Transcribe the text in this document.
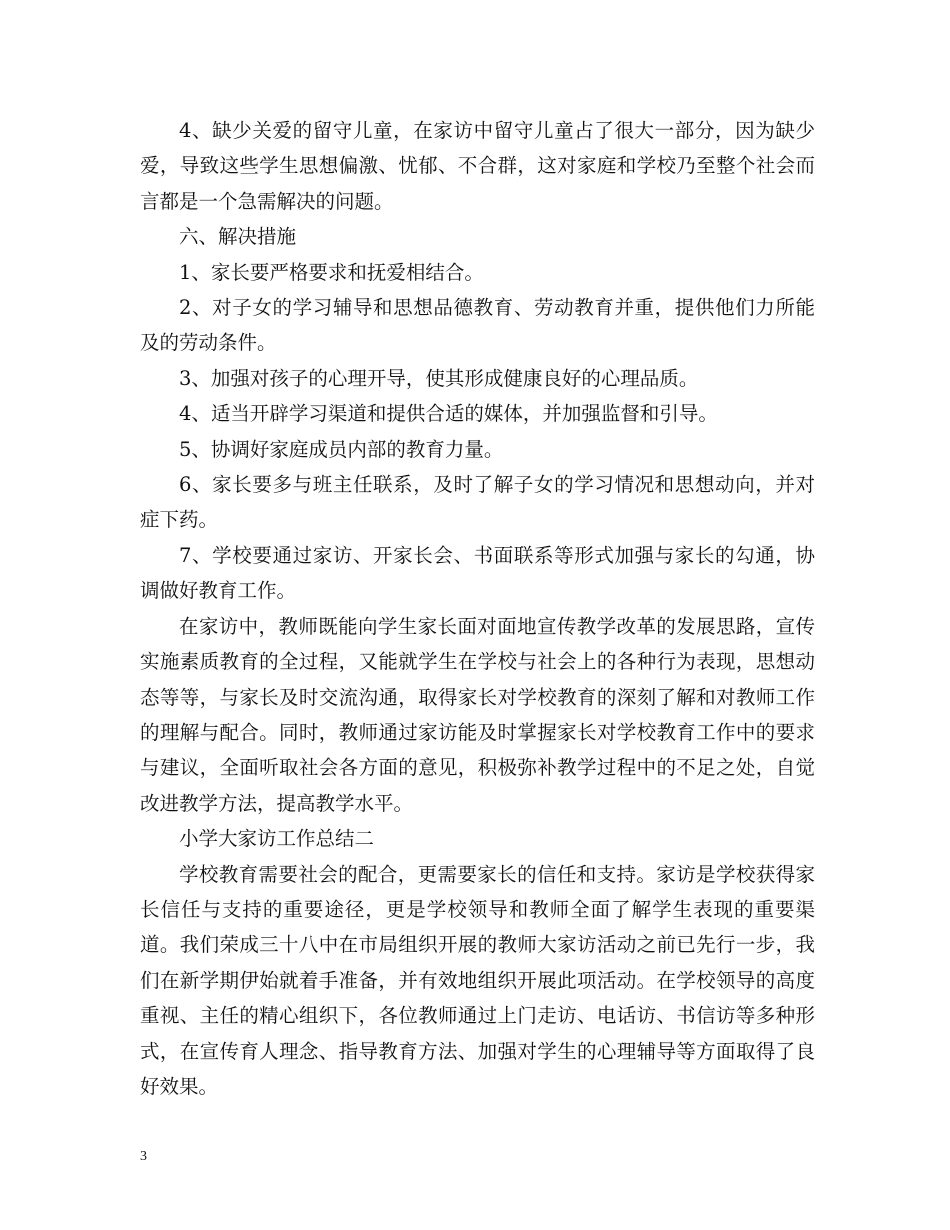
4、缺少关爱的留守儿童，在家访中留守儿童占了很大一部分，因为缺少爱，导致这些学生思想偏激、忧郁、不合群，这对家庭和学校乃至整个社会而言都是一个急需解决的问题。

六、解决措施

1、家长要严格要求和抚爱相结合。

2、对子女的学习辅导和思想品德教育、劳动教育并重，提供他们力所能及的劳动条件。

3、加强对孩子的心理开导，使其形成健康良好的心理品质。

4、适当开辟学习渠道和提供合适的媒体，并加强监督和引导。

5、协调好家庭成员内部的教育力量。

6、家长要多与班主任联系，及时了解子女的学习情况和思想动向，并对症下药。

7、学校要通过家访、开家长会、书面联系等形式加强与家长的勾通，协调做好教育工作。

在家访中，教师既能向学生家长面对面地宣传教学改革的发展思路，宣传实施素质教育的全过程，又能就学生在学校与社会上的各种行为表现，思想动态等等，与家长及时交流沟通，取得家长对学校教育的深刻了解和对教师工作的理解与配合。同时，教师通过家访能及时掌握家长对学校教育工作中的要求与建议，全面听取社会各方面的意见，积极弥补教学过程中的不足之处，自觉改进教学方法，提高教学水平。

小学大家访工作总结二

学校教育需要社会的配合，更需要家长的信任和支持。家访是学校获得家长信任与支持的重要途径，更是学校领导和教师全面了解学生表现的重要渠道。我们荣成三十八中在市局组织开展的教师大家访活动之前已先行一步，我们在新学期伊始就着手准备，并有效地组织开展此项活动。在学校领导的高度重视、主任的精心组织下，各位教师通过上门走访、电话访、书信访等多种形式，在宣传育人理念、指导教育方法、加强对学生的心理辅导等方面取得了良好效果。

3
